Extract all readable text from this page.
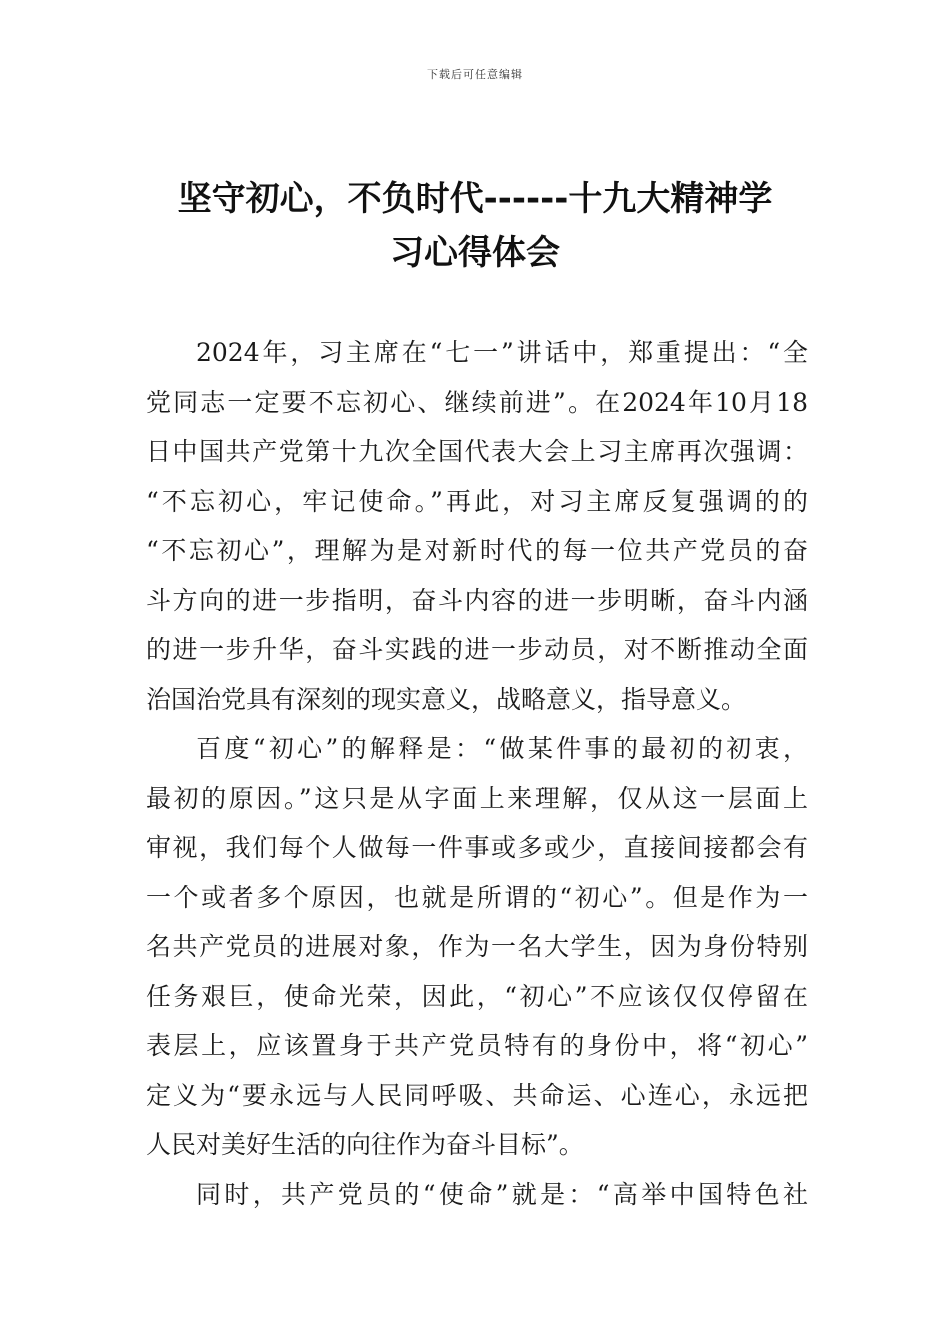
下载后可任意编辑
坚守初心，不负时代------十九大精神学
习心得体会

2024年，习主席在“七一”讲话中，郑重提出：“全
党同志一定要不忘初心、继续前进”。在2024年10月18
日中国共产党第十九次全国代表大会上习主席再次强调：
“不忘初心，牢记使命。”再此，对习主席反复强调的的
“不忘初心”，理解为是对新时代的每一位共产党员的奋
斗方向的进一步指明，奋斗内容的进一步明晰，奋斗内涵
的进一步升华，奋斗实践的进一步动员，对不断推动全面
治国治党具有深刻的现实意义，战略意义，指导意义。

百度“初心”的解释是：“做某件事的最初的初衷，
最初的原因。”这只是从字面上来理解，仅从这一层面上
审视，我们每个人做每一件事或多或少，直接间接都会有
一个或者多个原因，也就是所谓的“初心”。但是作为一
名共产党员的进展对象，作为一名大学生，因为身份特别
任务艰巨，使命光荣，因此，“初心”不应该仅仅停留在
表层上，应该置身于共产党员特有的身份中，将“初心”
定义为“要永远与人民同呼吸、共命运、心连心，永远把
人民对美好生活的向往作为奋斗目标”。

同时，共产党员的“使命”就是：“高举中国特色社
